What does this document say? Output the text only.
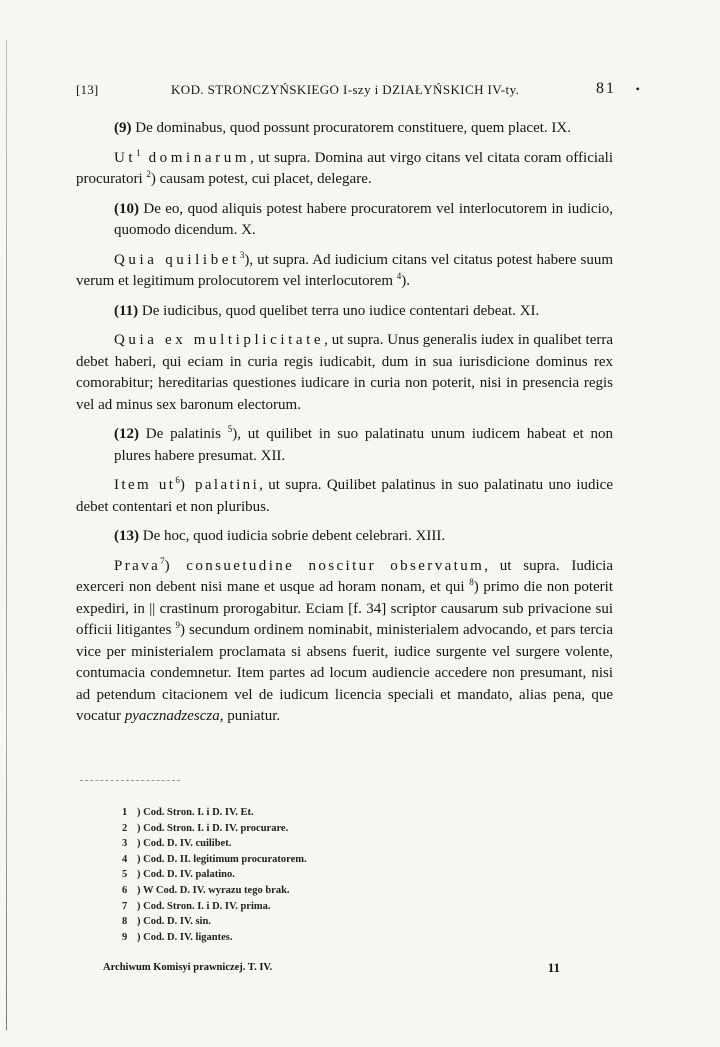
[13]	KOD. STRONCZYŃSKIEGO I-szy i DZIAŁYŃSKICH IV-ty.	81 •

(9) De dominabus, quod possunt procuratorem constituere, quem placet. IX.

Ut$^1$ dominarum, ut supra. Domina aut virgo citans vel citata coram officiali procuratori $^2$) causam potest, cui placet, delegare.

(10) De eo, quod aliquis potest habere procuratorem vel interlocutorem in iudicio, quomodo dicendum. X.

Quia quilibet$^3$), ut supra. Ad iudicium citans vel citatus potest habere suum verum et legitimum prolocutorem vel interlocutorem $^4$).

(11) De iudicibus, quod quelibet terra uno iudice contentari debeat. XI.

Quia ex multiplicitate, ut supra. Unus generalis iudex in qualibet terra debet haberi, qui eciam in curia regis iudicabit, dum in sua iurisdicione dominus rex comorabitur; hereditarias questiones iudicare in curia non poterit, nisi in presencia regis vel ad minus sex baronum electorum.

(12) De palatinis $^5$), ut quilibet in suo palatinatu unum iudicem habeat et non plures habere presumat. XII.

Item ut$^6$) palatini, ut supra. Quilibet palatinus in suo palatinatu uno iudice debet contentari et non pluribus.

(13) De hoc, quod iudicia sobrie debent celebrari. XIII.

Prava$^7$) consuetudine noscitur observatum, ut supra. Iudicia exerceri non debent nisi mane et usque ad horam nonam, et qui $^8$) primo die non poterit expediri, in || crastinum prorogabitur. Eciam [f. 34] scriptor causarum sub privacione sui officii litigantes $^9$) secundum ordinem nominabit, ministerialem advocando, et pars tercia vice per ministerialem proclamata si absens fuerit, iudice surgente vel surgere volente, contumacia condemnetur. Item partes ad locum audiencie accedere non presumant, nisi ad petendum citacionem vel de iudicum licencia speciali et mandato, alias pena, que vocatur pyacznadzescza, puniatur.

1 ) Cod. Stron. I. i D. IV. Et.
2 ) Cod. Stron. I. i D. IV. procurare.
3 ) Cod. D. IV. cuilibet.
4 ) Cod. D. II. legitimum procuratorem.
5 ) Cod. D. IV. palatino.
6 ) W Cod. D. IV. wyrazu tego brak.
7 ) Cod. Stron. I. i D. IV. prima.
8 ) Cod. D. IV. sin.
9 ) Cod. D. IV. ligantes.
Archiwum Komisyi prawniczej. T. IV.	11
